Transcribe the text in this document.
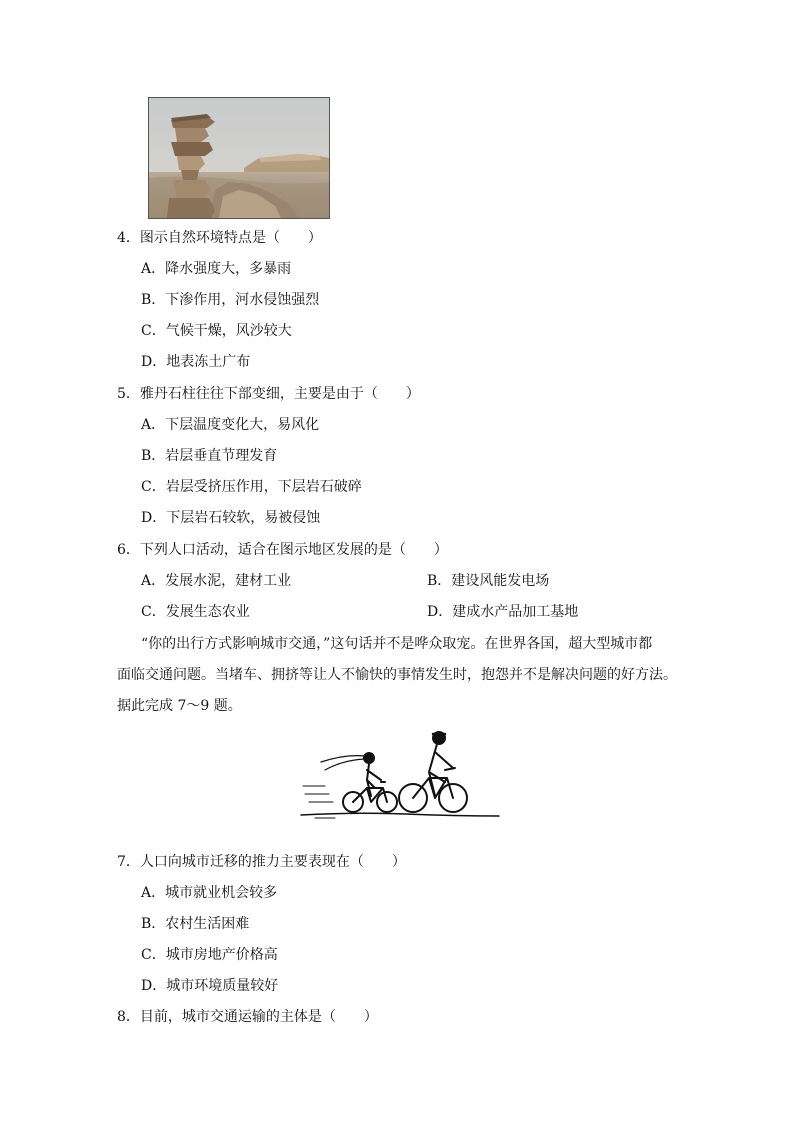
4．图示自然环境特点是（　　）
A．降水强度大，多暴雨
B．下渗作用，河水侵蚀强烈
C．气候干燥，风沙较大
D．地表冻土广布
5．雅丹石柱往往下部变细，主要是由于（　　）
A．下层温度变化大，易风化
B．岩层垂直节理发育
C．岩层受挤压作用，下层岩石破碎
D．下层岩石较软，易被侵蚀
6．下列人口活动，适合在图示地区发展的是（　　）
A．发展水泥，建材工业	B．建设风能发电场
C．发展生态农业	D．建成水产品加工基地
“你的出行方式影响城市交通，”这句话并不是哗众取宠。在世界各国，超大型城市都
面临交通问题。当堵车、拥挤等让人不愉快的事情发生时，抱怨并不是解决问题的好方法。
据此完成 7～9 题。
7．人口向城市迁移的推力主要表现在（　　）
A．城市就业机会较多
B．农村生活困难
C．城市房地产价格高
D．城市环境质量较好
8．目前，城市交通运输的主体是（　　）
